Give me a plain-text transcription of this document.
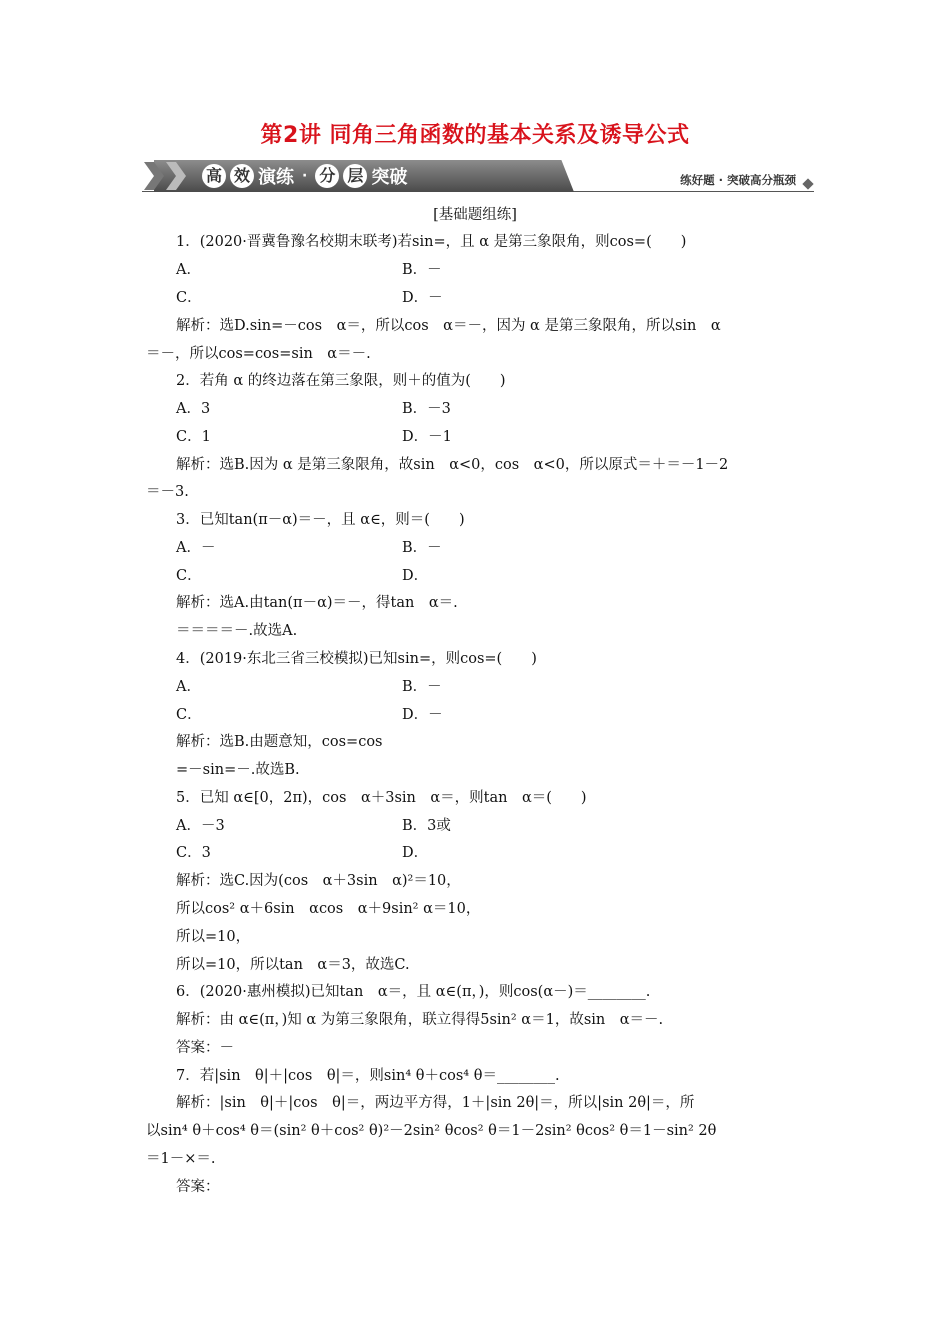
第2讲 同角三角函数的基本关系及诱导公式
高 效 演练 · 分 层 突破	练好题 · 突破高分瓶颈
[基础题组练]
1．(2020·晋冀鲁豫名校期末联考)若sin=，且 α 是第三象限角，则cos=(　　)
A．	B．－
C．	D．－
解析：选D.sin=－cos　α＝，所以cos　α＝－，因为 α 是第三象限角，所以sin　α
＝－，所以cos=cos=sin　α＝－.
2．若角 α 的终边落在第三象限，则＋的值为(　　)
A．3	B．－3
C．1	D．－1
解析：选B.因为 α 是第三象限角，故sin　α<0，cos　α<0，所以原式＝＋＝－1－2
＝－3.
3．已知tan(π－α)＝－，且 α∈，则＝(　　)
A．－	B．－
C．	D．
解析：选A.由tan(π－α)＝－，得tan　α＝.
＝＝＝＝－.故选A.
4．(2019·东北三省三校模拟)已知sin=，则cos=(　　)
A．	B．－
C．	D．－
解析：选B.由题意知，cos=cos
=－sin=－.故选B.
5．已知 α∈[0，2π)，cos　α＋3sin　α＝，则tan　α＝(　　)
A．－3	B．3或
C．3	D．
解析：选C.因为(cos　α＋3sin　α)²＝10，
所以cos² α＋6sin　αcos　α＋9sin² α＝10，
所以=10，
所以=10，所以tan　α＝3，故选C.
6．(2020·惠州模拟)已知tan　α＝，且 α∈(π，)，则cos(α－)＝________.
解析：由 α∈(π，)知 α 为第三象限角，联立得得5sin² α＝1，故sin　α＝－.
答案：－
7．若|sin　θ|＋|cos　θ|＝，则sin⁴ θ＋cos⁴ θ＝________.
解析：|sin　θ|＋|cos　θ|＝，两边平方得，1＋|sin 2θ|＝，所以|sin 2θ|＝，所
以sin⁴ θ＋cos⁴ θ＝(sin² θ＋cos² θ)²－2sin² θcos² θ＝1－2sin² θcos² θ＝1－sin² 2θ
＝1－×＝.
答案：
